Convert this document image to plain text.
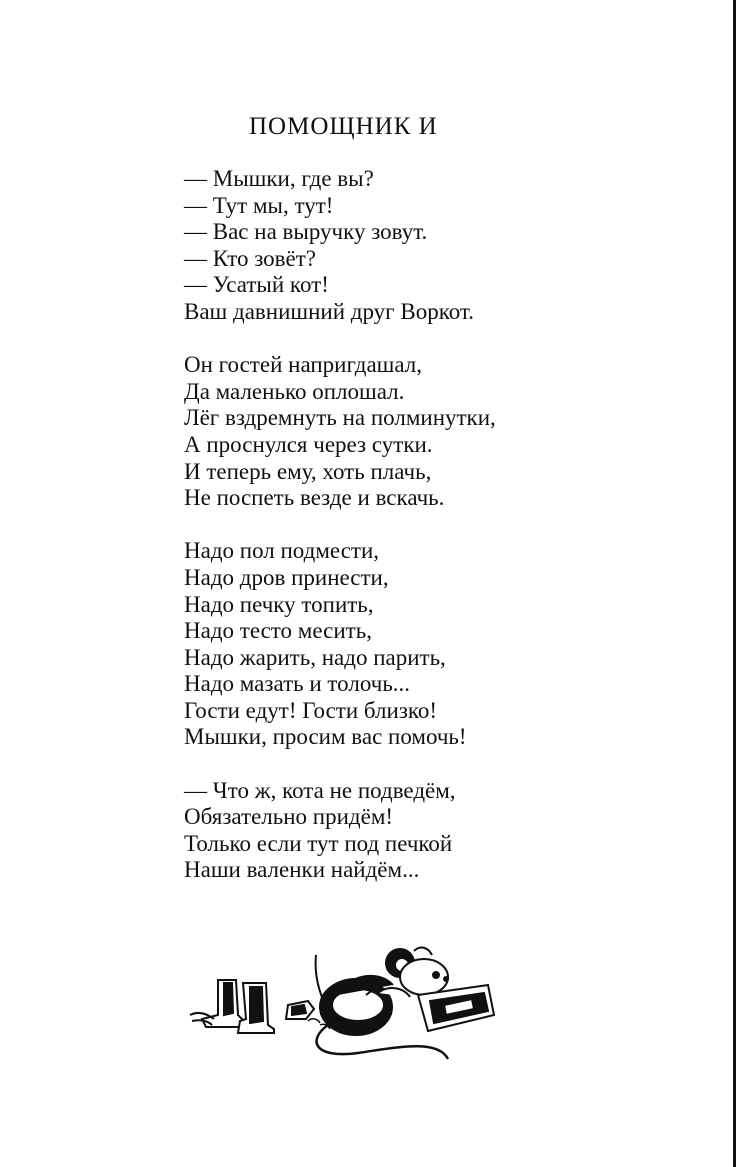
ПОМОЩНИК И
— Мышки, где вы?
— Тут мы, тут!
— Вас на выручку зовут.
— Кто зовёт?
— Усатый кот!
Ваш давнишний друг Воркот.
Он гостей напригдашал,
Да маленько оплошал.
Лёг вздремнуть на полминутки,
А проснулся через сутки.
И теперь ему, хоть плачь,
Не поспеть везде и вскачь.
Надо пол подмести,
Надо дров принести,
Надо печку топить,
Надо тесто месить,
Надо жарить, надо парить,
Надо мазать и толочь...
Гости едут! Гости близко!
Мышки, просим вас помочь!
— Что ж, кота не подведём,
Обязательно придём!
Только если тут под печкой
Наши валенки найдём...
